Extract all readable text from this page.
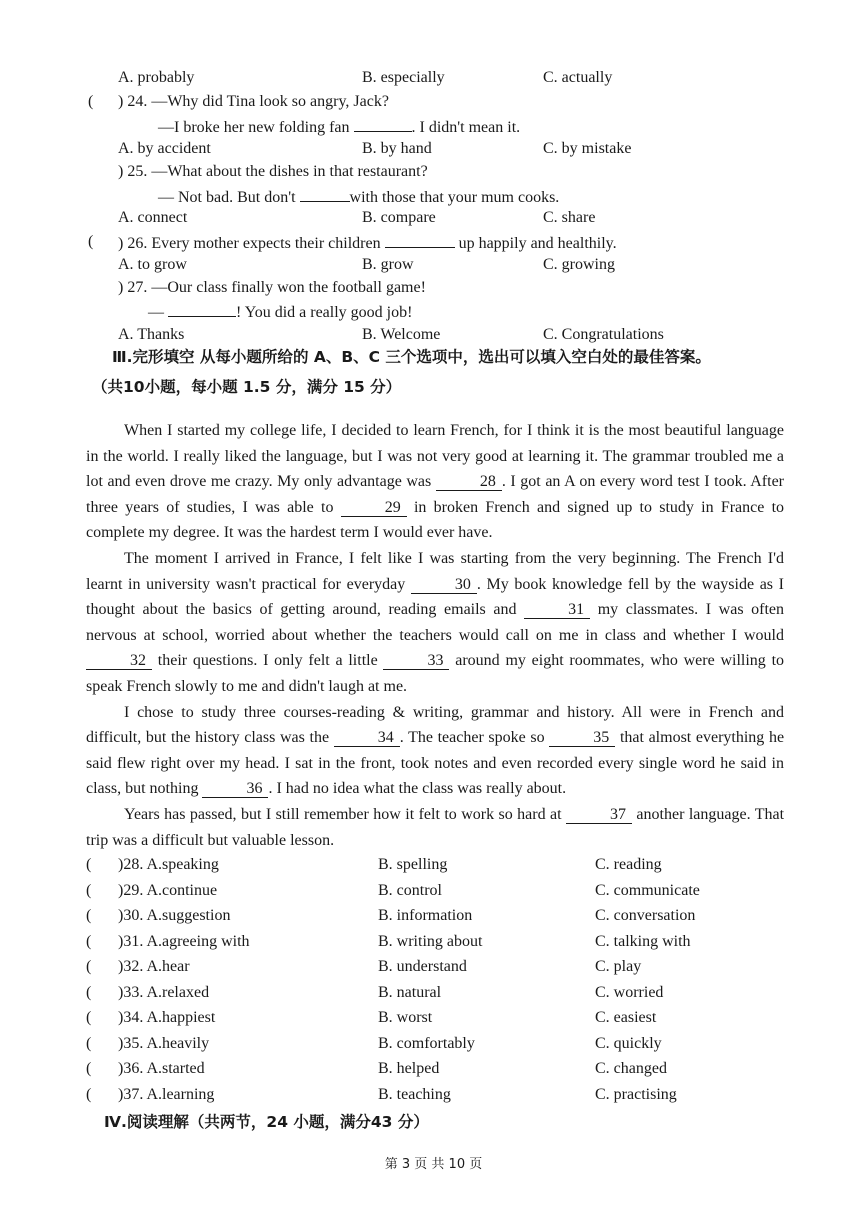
A. probably	B. especially	C. actually
( ) 24. —Why did Tina look so angry, Jack?
—I broke her new folding fan	. I didn't mean it.
A. by accident	B. by hand	C. by mistake
) 25. —What about the dishes in that restaurant?
— Not bad. But don't	with those that your mum cooks.
A. connect	B. compare	C. share
( ) 26. Every mother expects their children	up happily and healthily.
A. to grow	B. grow	C. growing
) 27. —Our class finally won the football game!
—	! You did a really good job!
A. Thanks	B. Welcome	C. Congratulations
Ⅲ.完形填空 从每小题所给的 A、B、C 三个选项中，选出可以填入空白处的最佳答案。
（共10小题，每小题 1.5 分，满分 15 分）

When I started my college life, I decided to learn French, for I think it is the most beautiful language in the world. I really liked the language, but I was not very good at learning it. The grammar troubled me a lot and even drove me crazy. My only advantage was	28 . I got an A on every word test I took. After three years of studies, I was able to	29 in broken French and signed up to study in France to complete my degree. It was the hardest term I would ever have.

The moment I arrived in France, I felt like I was starting from the very beginning. The French I'd learnt in university wasn't practical for everyday	30 . My book knowledge fell by the wayside as I thought about the basics of getting around, reading emails and	31 my classmates. I was often nervous at school, worried about whether the teachers would call on me in class and whether I would 32 their questions. I only felt a little	33 around my eight roommates, who were willing to speak French slowly to me and didn't laugh at me.

I chose to study three courses-reading & writing, grammar and history. All were in French and difficult, but the history class was the	34 . The teacher spoke so	35 that almost everything he said flew right over my head. I sat in the front, took notes and even recorded every single word he said in class, but nothing	36 . I had no idea what the class was really about.

Years has passed, but I still remember how it felt to work so hard at	37 another language. That trip was a difficult but valuable lesson.

( )28. A.speaking	B. spelling	C. reading
( )29. A.continue	B. control	C. communicate
( )30. A.suggestion	B. information	C. conversation
( )31. A.agreeing with	B. writing about	C. talking with
( )32. A.hear	B. understand	C. play
( )33. A.relaxed	B. natural	C. worried
( )34. A.happiest	B. worst	C. easiest
( )35. A.heavily	B. comfortably	C. quickly
( )36. A.started	B. helped	C. changed
( )37. A.learning	B. teaching	C. practising
Ⅳ.阅读理解（共两节，24 小题，满分43 分）
第 3 页 共 10 页
